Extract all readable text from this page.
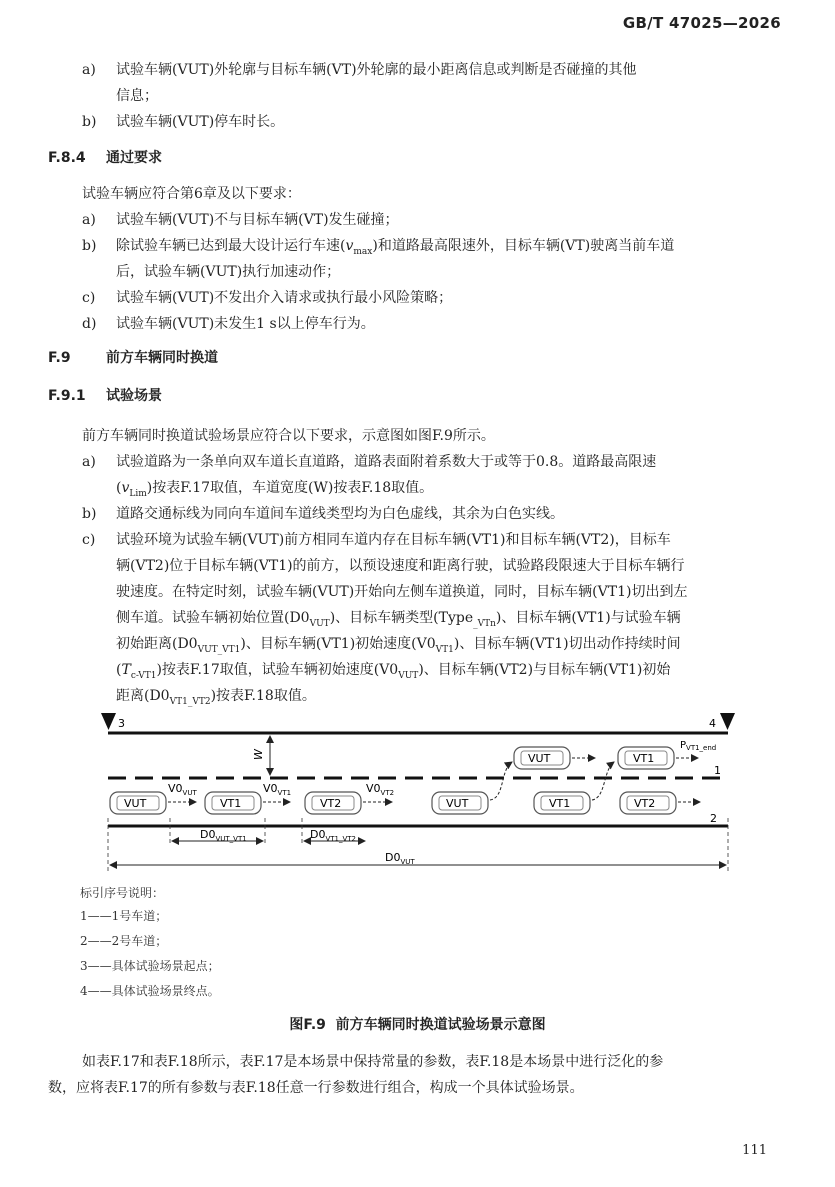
GB/T 47025—2026
a) 试验车辆(VUT)外轮廓与目标车辆(VT)外轮廓的最小距离信息或判断是否碰撞的其他
信息；
b) 试验车辆(VUT)停车时长。
F.8.4 通过要求
试验车辆应符合第6章及以下要求：
a) 试验车辆(VUT)不与目标车辆(VT)发生碰撞；
b) 除试验车辆已达到最大设计运行车速$(v_{max})$和道路最高限速外，目标车辆(VT)驶离当前车道
后，试验车辆(VUT)执行加速动作；
c) 试验车辆(VUT)不发出介入请求或执行最小风险策略；
d) 试验车辆(VUT)未发生1 s以上停车行为。
F.9	前方车辆同时换道
F.9.1 试验场景
前方车辆同时换道试验场景应符合以下要求，示意图如图F.9所示。
a) 试验道路为一条单向双车道长直道路，道路表面附着系数大于或等于0.8。道路最高限速
$(v_{Lim})$按表F.17取值，车道宽度(W)按表F.18取值。
b) 道路交通标线为同向车道间车道线类型均为白色虚线，其余为白色实线。
c) 试验环境为试验车辆(VUT)前方相同车道内存在目标车辆(VT1)和目标车辆(VT2)，目标车
辆(VT2)位于目标车辆(VT1)的前方，以预设速度和距离行驶，试验路段限速大于目标车辆行
驶速度。在特定时刻，试验车辆(VUT)开始向左侧车道换道，同时，目标车辆(VT1)切出到左
侧车道。试验车辆初始位置$(D0_{VUT})$、目标车辆类型(Type$_{\_VTn}$)、目标车辆(VT1)与试验车辆
初始距离$(D0_{VUT\_VT1})$、目标车辆(VT1)初始速度$(V0_{VT1})$、目标车辆(VT1)切出动作持续时间
$(T_{c-VT1})$按表F.17取值，试验车辆初始速度$(V0_{VUT})$、目标车辆(VT2)与目标车辆(VT1)初始
距离$(D0_{VT1\_VT2})$按表F.18取值。
3	4
W
1
2
VUT	VT1	VT2
$V0_{VUT}$	$V0_{VT1}$	$V0_{VT2}$
VUT
VUT
VT1
VT1
$P_{VT1\_end}$
VT2
$D0_{VUT\_VT1}$	$D0_{VT1\_VT2}$
$D0_{VUT}$
标引序号说明：
1——1号车道；
2——2号车道；
3——具体试验场景起点；
4——具体试验场景终点。
图F.9 前方车辆同时换道试验场景示意图
如表F.17和表F.18所示，表F.17是本场景中保持常量的参数，表F.18是本场景中进行泛化的参
数，应将表F.17的所有参数与表F.18任意一行参数进行组合，构成一个具体试验场景。
111
